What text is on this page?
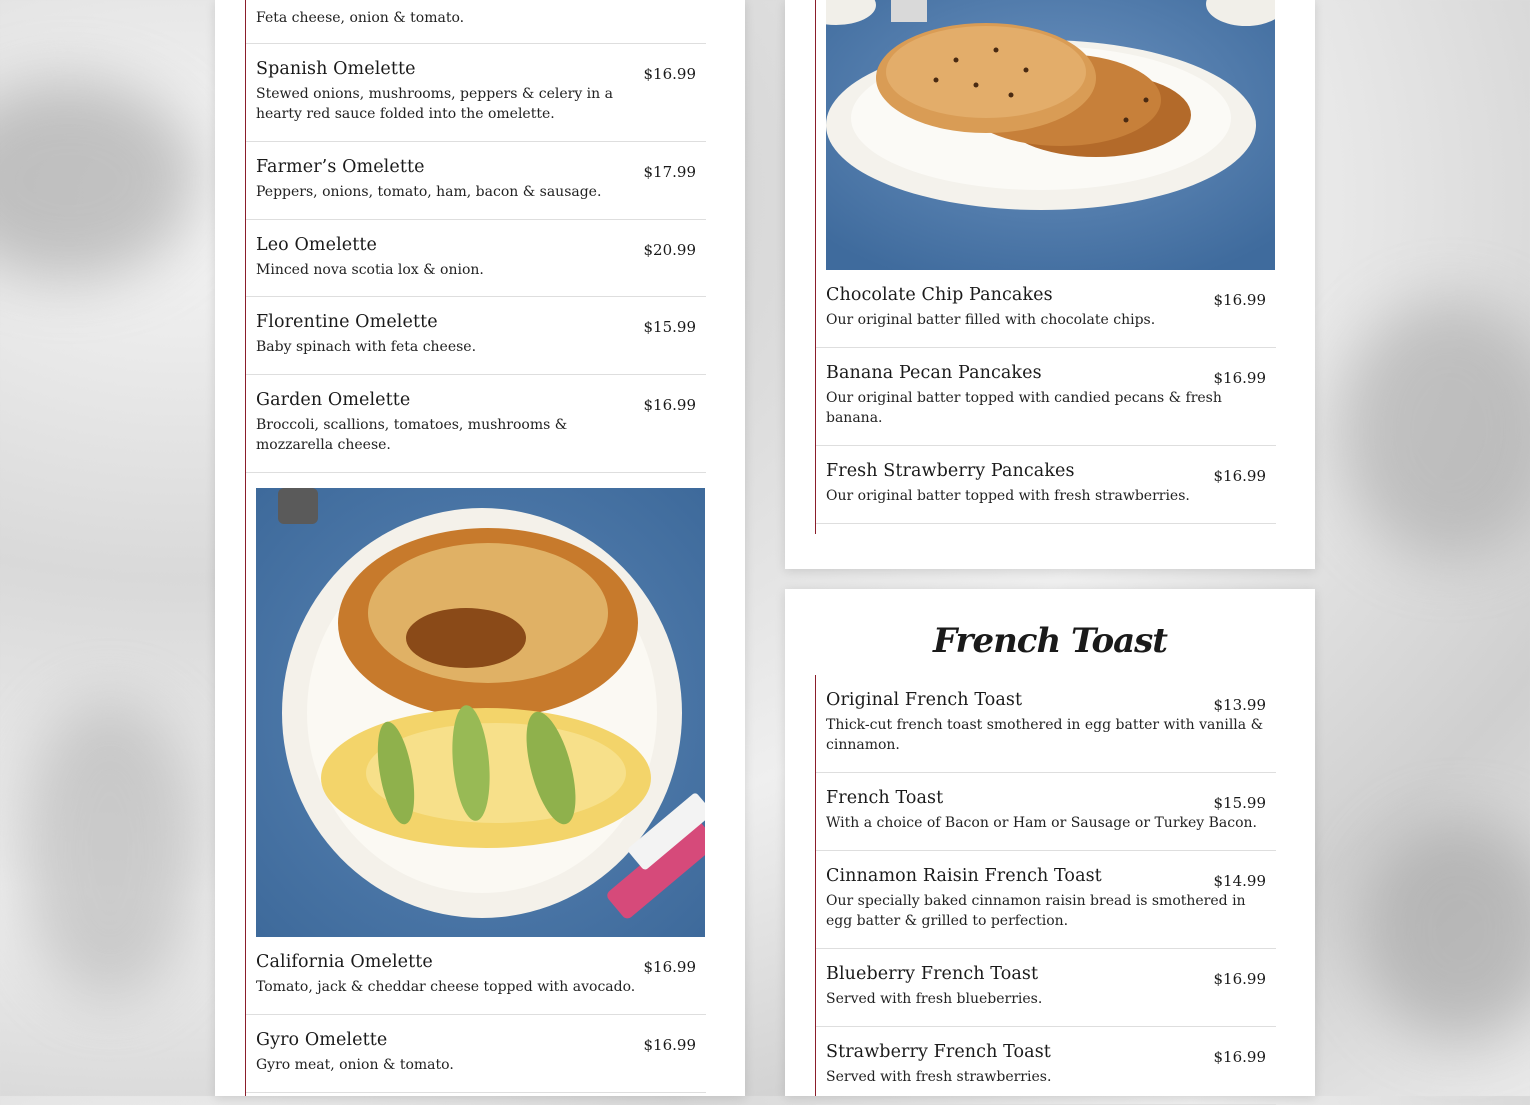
Feta cheese, onion & tomato.
Spanish Omelette	$16.99
Stewed onions, mushrooms, peppers & celery in a hearty red sauce folded into the omelette.
Farmer’s Omelette	$17.99
Peppers, onions, tomato, ham, bacon & sausage.
Leo Omelette	$20.99
Minced nova scotia lox & onion.
Florentine Omelette	$15.99
Baby spinach with feta cheese.
Garden Omelette	$16.99
Broccoli, scallions, tomatoes, mushrooms & mozzarella cheese.
California Omelette	$16.99
Tomato, jack & cheddar cheese topped with avocado.
Gyro Omelette	$16.99
Gyro meat, onion & tomato.
Chocolate Chip Pancakes	$16.99
Our original batter filled with chocolate chips.
Banana Pecan Pancakes	$16.99
Our original batter topped with candied pecans & fresh banana.
Fresh Strawberry Pancakes	$16.99
Our original batter topped with fresh strawberries.
French Toast
Original French Toast	$13.99
Thick-cut french toast smothered in egg batter with vanilla & cinnamon.
French Toast	$15.99
With a choice of Bacon or Ham or Sausage or Turkey Bacon.
Cinnamon Raisin French Toast	$14.99
Our specially baked cinnamon raisin bread is smothered in egg batter & grilled to perfection.
Blueberry French Toast	$16.99
Served with fresh blueberries.
Strawberry French Toast	$16.99
Served with fresh strawberries.
